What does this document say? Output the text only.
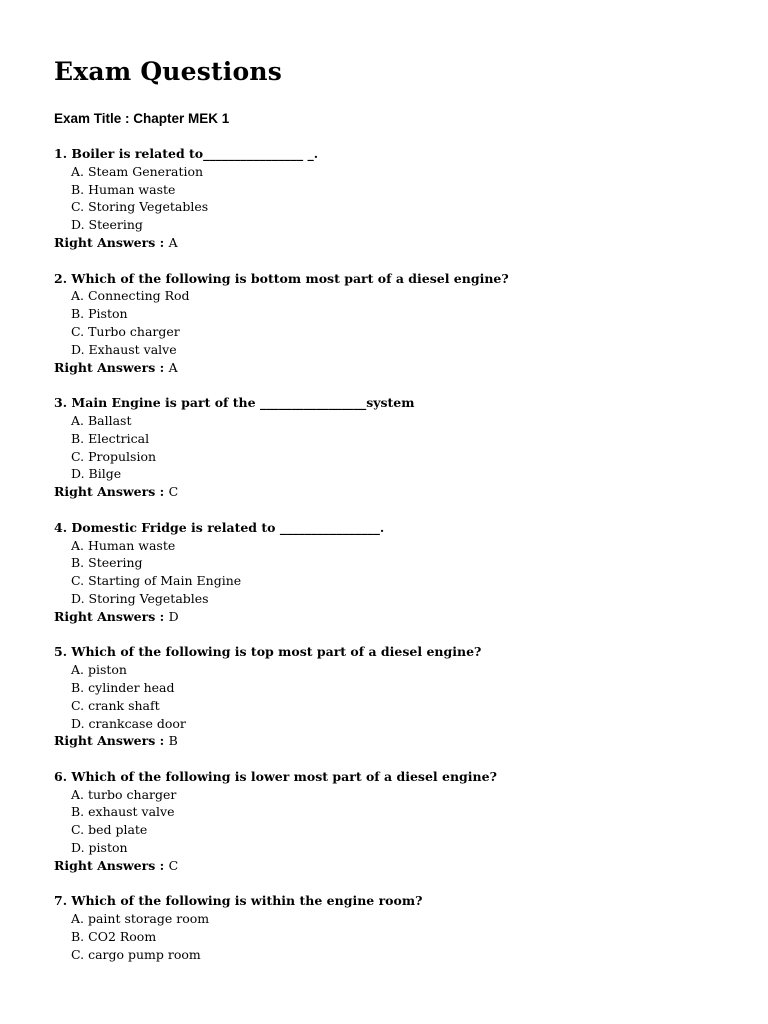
Exam Questions
Exam Title : Chapter MEK 1
1. Boiler is related to________________ _.
A. Steam Generation
B. Human waste
C. Storing Vegetables
D. Steering
Right Answers : A
2. Which of the following is bottom most part of a diesel engine?
A. Connecting Rod
B. Piston
C. Turbo charger
D. Exhaust valve
Right Answers : A
3. Main Engine is part of the _________________system
A. Ballast
B. Electrical
C. Propulsion
D. Bilge
Right Answers : C
4. Domestic Fridge is related to ________________.
A. Human waste
B. Steering
C. Starting of Main Engine
D. Storing Vegetables
Right Answers : D
5. Which of the following is top most part of a diesel engine?
A. piston
B. cylinder head
C. crank shaft
D. crankcase door
Right Answers : B
6. Which of the following is lower most part of a diesel engine?
A. turbo charger
B. exhaust valve
C. bed plate
D. piston
Right Answers : C
7. Which of the following is within the engine room?
A. paint storage room
B. CO2 Room
C. cargo pump room
